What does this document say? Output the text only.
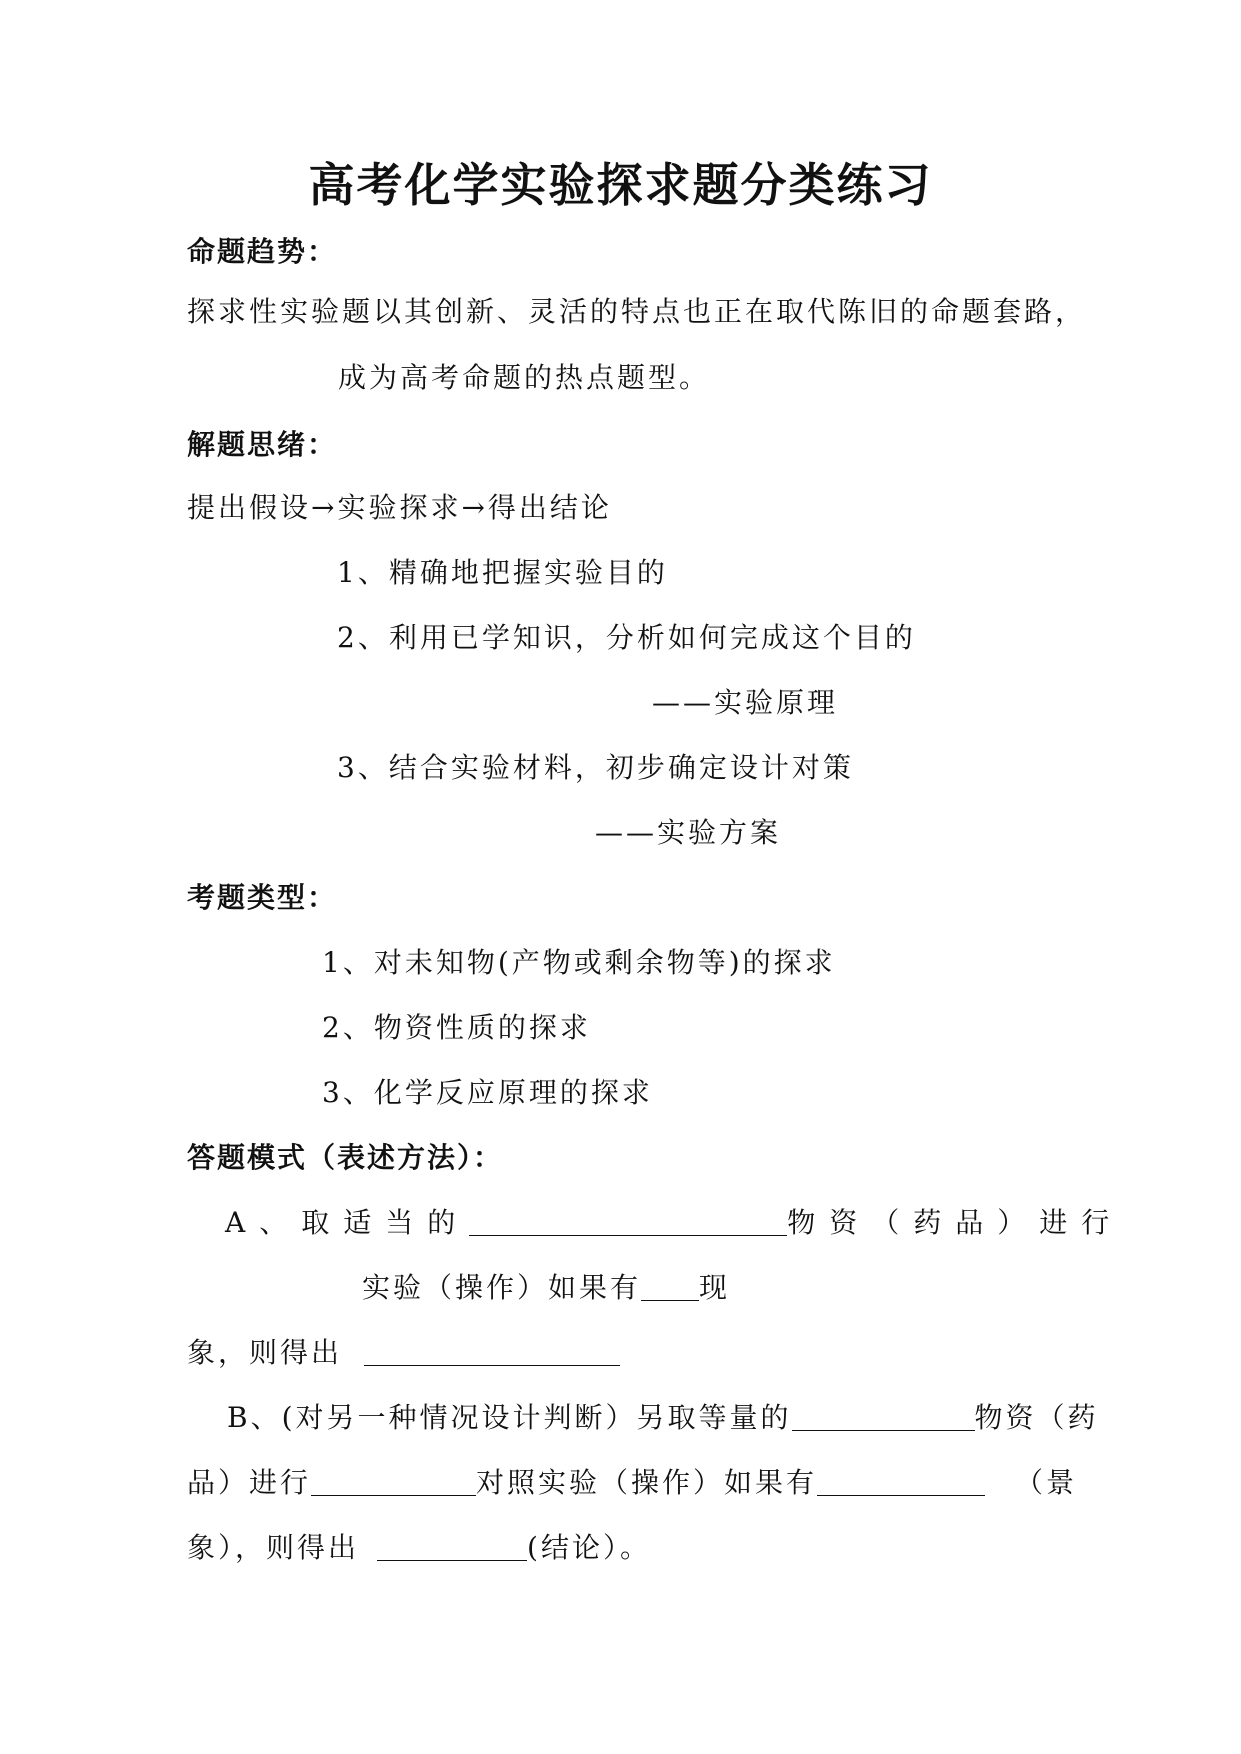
高考化学实验探求题分类练习
命题趋势：
探求性实验题以其创新、灵活的特点也正在取代陈旧的命题套路，
成为高考命题的热点题型。
解题思绪：
提出假设→实验探求→得出结论
1、精确地把握实验目的
2、利用已学知识，分析如何完成这个目的
——实验原理
3、结合实验材料，初步确定设计对策
——实验方案
考题类型：
1、对未知物(产物或剩余物等)的探求
2、物资性质的探求
3、化学反应原理的探求
答题模式（表述方法）：
A、取适当的	物资（药品）进行
实验（操作）如果有 现
象，则得出
B、(对另一种情况设计判断）另取等量的	物资（药
品）进行	对照实验（操作）如果有	（景
象），则得出	(结论）。
